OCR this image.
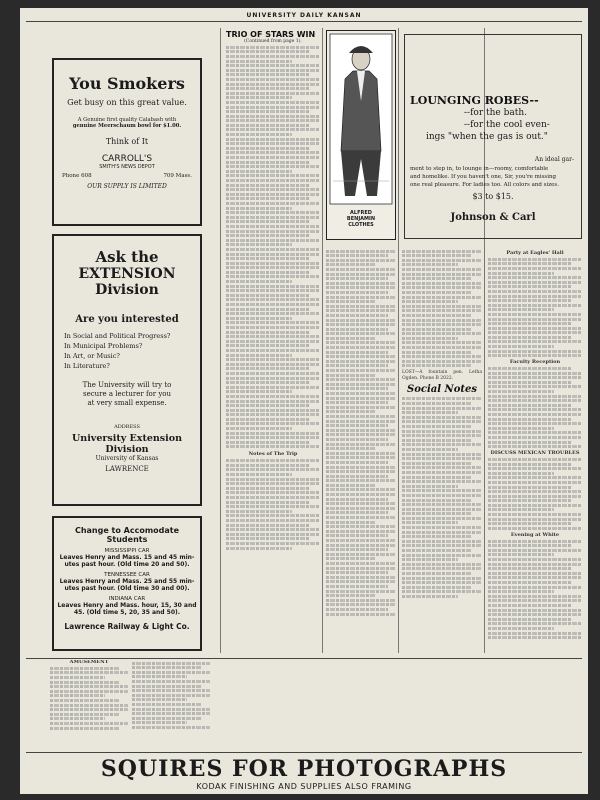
UNIVERSITY DAILY KANSAN
You Smokers
Get busy on this great value.
A Genuine first quality Calabash with
genuine Meerschaum bowl for $1.00.
Think of It
CARROLL'S
SMITH'S NEWS DEPOT
Phone 608	709 Mass.
OUR SUPPLY IS LIMITED
Ask the
EXTENSION
Division
Are you interested
In Social and Political Progress?
In Municipal Problems?
In Art, or Music?
In Literature?
The University will try to
secure a lecturer for you
at very small expense.
ADDRESS
University Extension
Division
University of Kansas
LAWRENCE
Change to Accomodate Students
MISSISSIPPI CAR
Leaves Henry and Mass. 15 and 45 min-
utes past hour. (Old time 20 and 50).
TENNESSEE CAR
Leaves Henry and Mass. 25 and 55 min-
utes past hour. (Old time 30 and 00).
INDIANA CAR
Leaves Henry and Mass. hour, 15, 30 and
45. (Old time 5, 20, 35 and 50).
Lawrence Railway & Light Co.
AMUSEMENT
TRIO OF STARS WIN
(Continued from page 1).
Notes of The Trip
ALFRED
BENJAMIN
CLOTHES
LOST—A fountain pen. Letha Ogden. Phone B 2022.
Social Notes
LOUNGING ROBES--
--for the bath.
--for the cool even-
ings "when the gas is out."
An ideal gar-
ment to step in, to lounge in—roomy, comfortable
and homelike. If you haven't one, Sir, you're missing
one real pleasure. For ladies too. All colors and sizes.
$3 to $15.
Johnson & Carl
Party at Eagles' Hall
Faculty Reception
DISCUSS MEXICAN TROUBLES
Evening at White
SQUIRES FOR PHOTOGRAPHS
KODAK FINISHING AND SUPPLIES ALSO FRAMING
